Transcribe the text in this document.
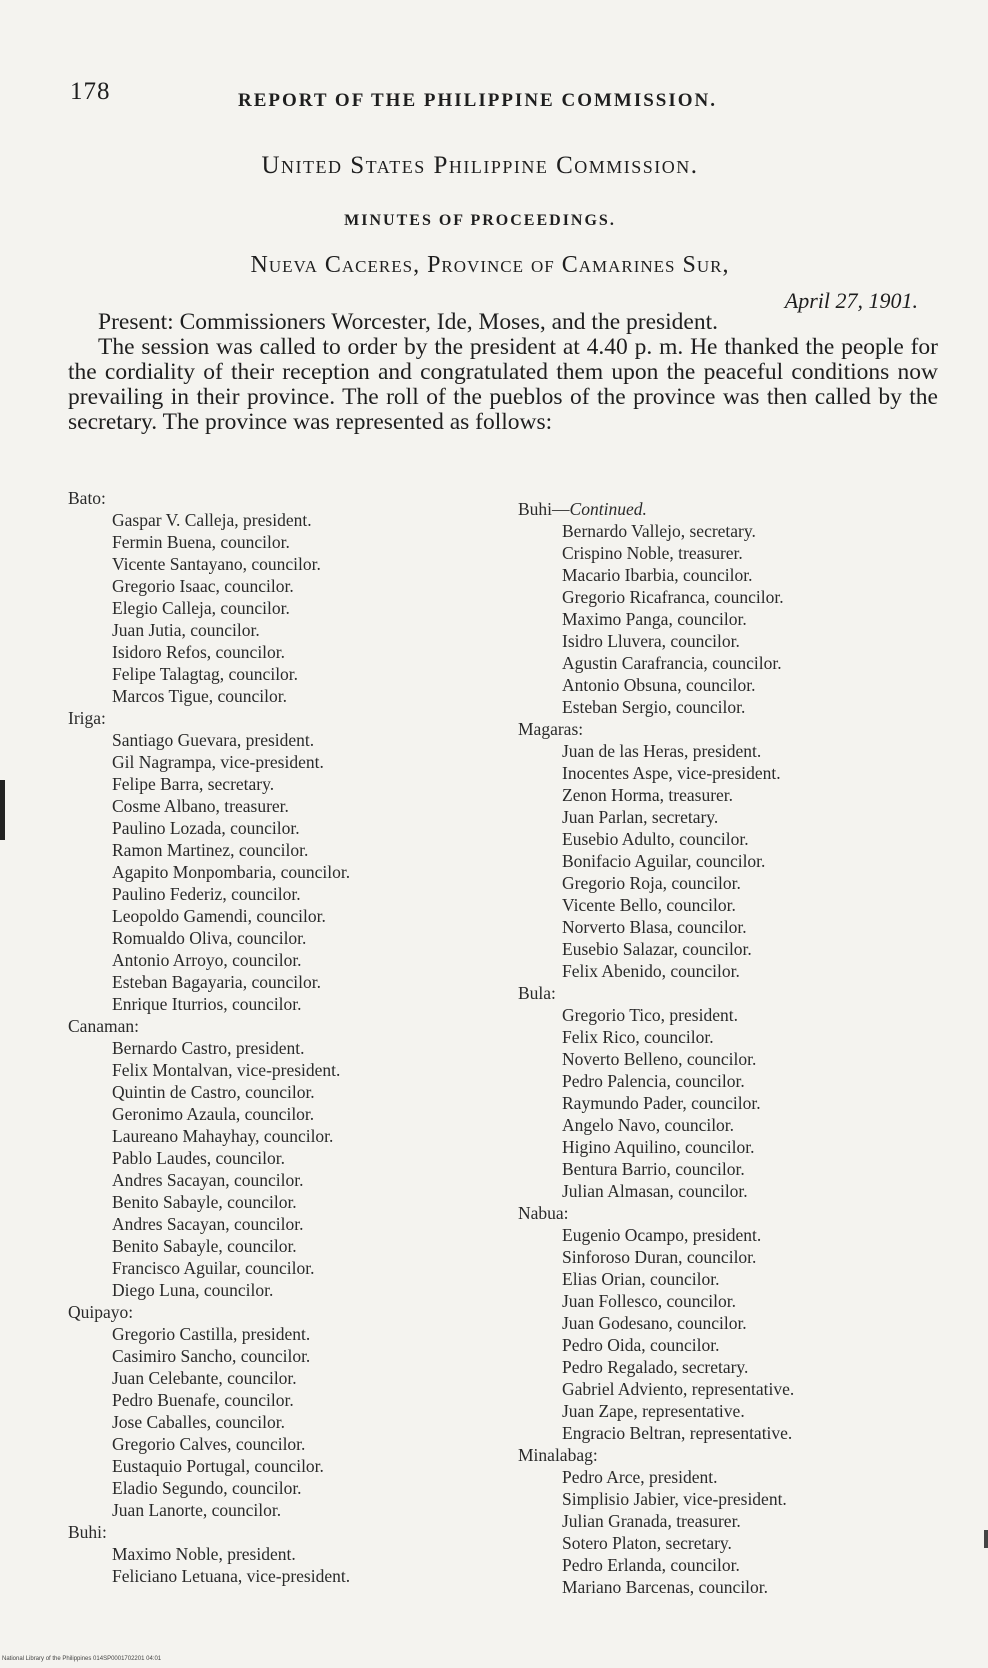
178	REPORT OF THE PHILIPPINE COMMISSION.
United States Philippine Commission.
MINUTES OF PROCEEDINGS.
Nueva Caceres, Province of Camarines Sur,
April 27, 1901.

Present: Commissioners Worcester, Ide, Moses, and the president.

The session was called to order by the president at 4.40 p. m. He thanked the people for the cordiality of their reception and congratulated them upon the peaceful conditions now prevailing in their province. The roll of the pueblos of the province was then called by the secretary. The province was represented as follows:

Bato:
Gaspar V. Calleja, president.
Fermin Buena, councilor.
Vicente Santayano, councilor.
Gregorio Isaac, councilor.
Elegio Calleja, councilor.
Juan Jutia, councilor.
Isidoro Refos, councilor.
Felipe Talagtag, councilor.
Marcos Tigue, councilor.
Iriga:
Santiago Guevara, president.
Gil Nagrampa, vice-president.
Felipe Barra, secretary.
Cosme Albano, treasurer.
Paulino Lozada, councilor.
Ramon Martinez, councilor.
Agapito Monpombaria, councilor.
Paulino Federiz, councilor.
Leopoldo Gamendi, councilor.
Romualdo Oliva, councilor.
Antonio Arroyo, councilor.
Esteban Bagayaria, councilor.
Enrique Iturrios, councilor.
Canaman:
Bernardo Castro, president.
Felix Montalvan, vice-president.
Quintin de Castro, councilor.
Geronimo Azaula, councilor.
Laureano Mahayhay, councilor.
Pablo Laudes, councilor.
Andres Sacayan, councilor.
Benito Sabayle, councilor.
Andres Sacayan, councilor.
Benito Sabayle, councilor.
Francisco Aguilar, councilor.
Diego Luna, councilor.
Quipayo:
Gregorio Castilla, president.
Casimiro Sancho, councilor.
Juan Celebante, councilor.
Pedro Buenafe, councilor.
Jose Caballes, councilor.
Gregorio Calves, councilor.
Eustaquio Portugal, councilor.
Eladio Segundo, councilor.
Juan Lanorte, councilor.
Buhi:
Maximo Noble, president.
Feliciano Letuana, vice-president.
Buhi—Continued.
Bernardo Vallejo, secretary.
Crispino Noble, treasurer.
Macario Ibarbia, councilor.
Gregorio Ricafranca, councilor.
Maximo Panga, councilor.
Isidro Lluvera, councilor.
Agustin Carafrancia, councilor.
Antonio Obsuna, councilor.
Esteban Sergio, councilor.
Magaras:
Juan de las Heras, president.
Inocentes Aspe, vice-president.
Zenon Horma, treasurer.
Juan Parlan, secretary.
Eusebio Adulto, councilor.
Bonifacio Aguilar, councilor.
Gregorio Roja, councilor.
Vicente Bello, councilor.
Norverto Blasa, councilor.
Eusebio Salazar, councilor.
Felix Abenido, councilor.
Bula:
Gregorio Tico, president.
Felix Rico, councilor.
Noverto Belleno, councilor.
Pedro Palencia, councilor.
Raymundo Pader, councilor.
Angelo Navo, councilor.
Higino Aquilino, councilor.
Bentura Barrio, councilor.
Julian Almasan, councilor.
Nabua:
Eugenio Ocampo, president.
Sinforoso Duran, councilor.
Elias Orian, councilor.
Juan Follesco, councilor.
Juan Godesano, councilor.
Pedro Oida, councilor.
Pedro Regalado, secretary.
Gabriel Adviento, representative.
Juan Zape, representative.
Engracio Beltran, representative.
Minalabag:
Pedro Arce, president.
Simplisio Jabier, vice-president.
Julian Granada, treasurer.
Sotero Platon, secretary.
Pedro Erlanda, councilor.
Mariano Barcenas, councilor.
National Library of the Philippines 014SP0001702201 04:01
